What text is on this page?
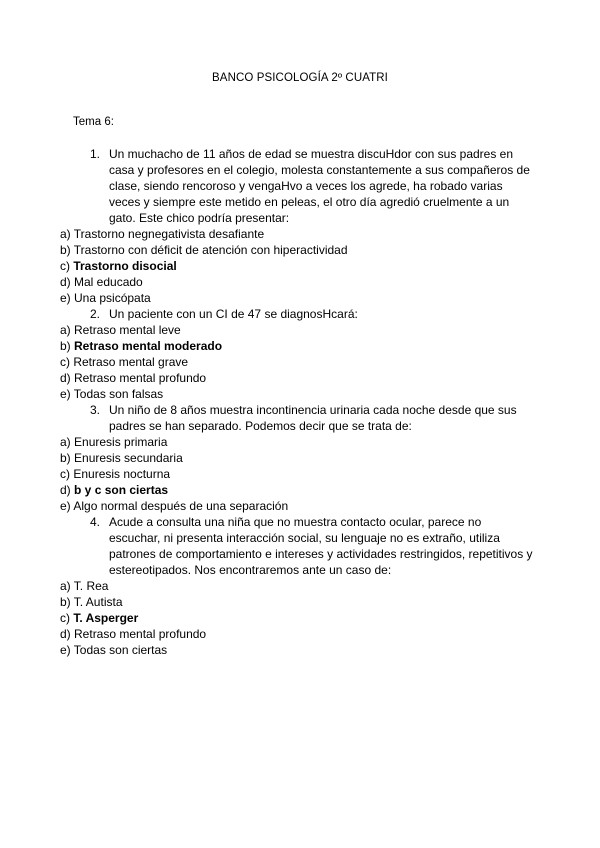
BANCO PSICOLOGÍA 2º CUATRI
Tema 6:
1. Un muchacho de 11 años de edad se muestra discuHdor con sus padres en casa y profesores en el colegio, molesta constantemente a sus compañeros de clase, siendo rencoroso y vengaHvo a veces los agrede, ha robado varias veces y siempre este metido en peleas, el otro día agredió cruelmente a un gato. Este chico podría presentar:
a) Trastorno negnegativista desafiante
b) Trastorno con déficit de atención con hiperactividad
c) Trastorno disocial
d) Mal educado
e) Una psicópata
2. Un paciente con un CI de 47 se diagnosHcará:
a) Retraso mental leve
b) Retraso mental moderado
c) Retraso mental grave
d) Retraso mental profundo
e) Todas son falsas
3. Un niño de 8 años muestra incontinencia urinaria cada noche desde que sus padres se han separado. Podemos decir que se trata de:
a) Enuresis primaria
b) Enuresis secundaria
c) Enuresis nocturna
d) b y c son ciertas
e) Algo normal después de una separación
4. Acude a consulta una niña que no muestra contacto ocular, parece no escuchar, ni presenta interacción social, su lenguaje no es extraño, utiliza patrones de comportamiento e intereses y actividades restringidos, repetitivos y estereotipados. Nos encontraremos ante un caso de:
a) T. Rea
b) T. Autista
c) T. Asperger
d) Retraso mental profundo
e) Todas son ciertas
